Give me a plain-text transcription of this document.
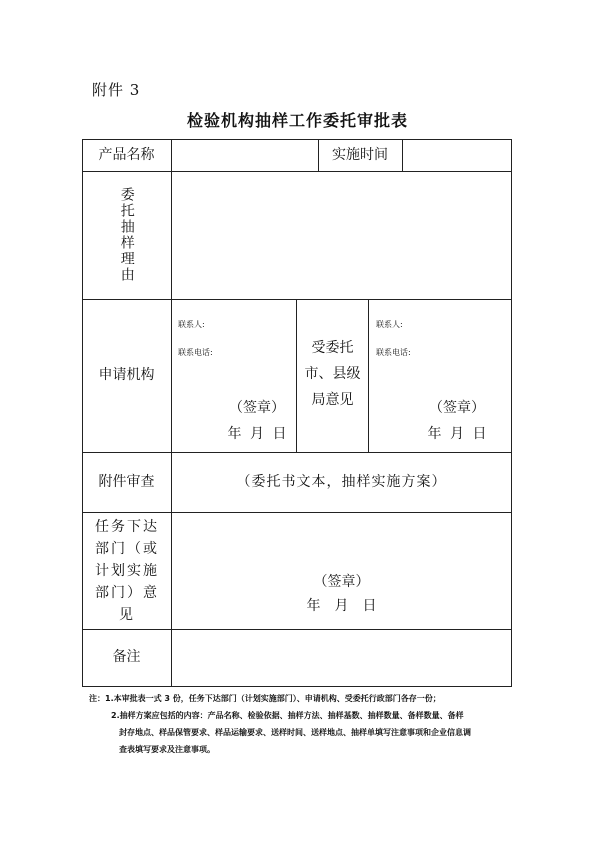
附件 3
检验机构抽样工作委托审批表
产品名称	实施时间
委托抽样理由
申请机构
联系人:
联系电话:
（签章）
年 月 日
受委托市、县级局意见
联系人:
联系电话:
（签章）
年 月 日
附件审查	（委托书文本，抽样实施方案）
任务下达部门（或计划实施部门）意见
（签章）
年　月　日
备注
注：1.本审批表一式 3 份，任务下达部门（计划实施部门）、申请机构、受委托行政部门各存一份；
2.抽样方案应包括的内容：产品名称、检验依据、抽样方法、抽样基数、抽样数量、备样数量、备样
封存地点、样品保管要求、样品运输要求、送样时间、送样地点、抽样单填写注意事项和企业信息调
查表填写要求及注意事项。
